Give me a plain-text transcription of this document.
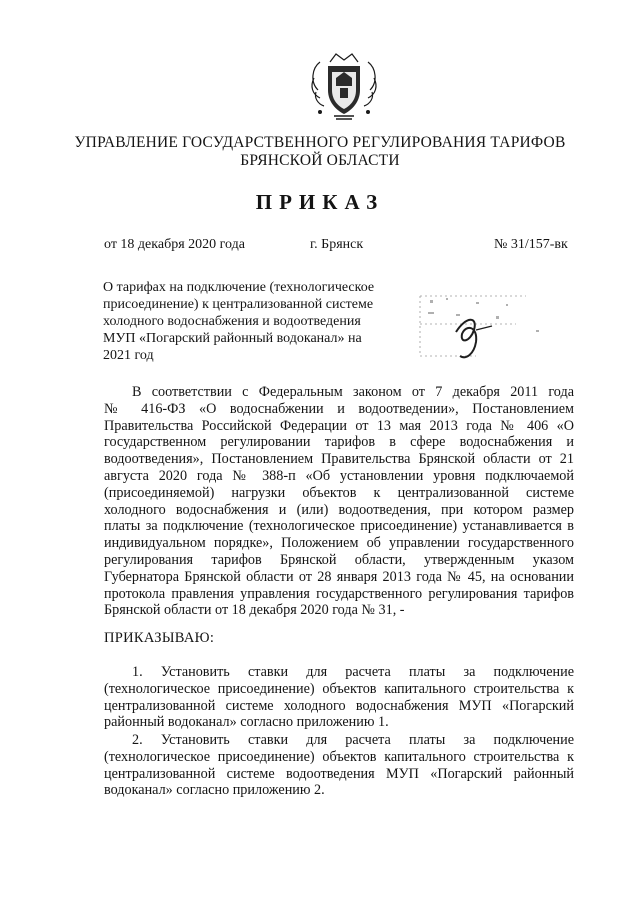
УПРАВЛЕНИЕ ГОСУДАРСТВЕННОГО РЕГУЛИРОВАНИЯ ТАРИФОВ
БРЯНСКОЙ ОБЛАСТИ
ПРИКАЗ
от 18 декабря 2020 года	г. Брянск	№ 31/157-вк
О тарифах на подключение (технологическое
присоединение) к централизованной системе
холодного водоснабжения и водоотведения
МУП «Погарский районный водоканал» на
2021 год
В соответствии с Федеральным законом от 7 декабря 2011 года
№ 416-ФЗ «О водоснабжении и водоотведении», Постановлением
Правительства Российской Федерации от 13 мая 2013 года № 406 «О
государственном регулировании тарифов в сфере водоснабжения и
водоотведения», Постановлением Правительства Брянской области от 21
августа 2020 года № 388-п «Об установлении уровня подключаемой
(присоединяемой) нагрузки объектов к централизованной системе
холодного водоснабжения и (или) водоотведения, при котором размер
платы за подключение (технологическое присоединение) устанавливается в
индивидуальном порядке», Положением об управлении государственного
регулирования тарифов Брянской области, утвержденным указом
Губернатора Брянской области от 28 января 2013 года № 45, на основании
протокола правления управления государственного регулирования тарифов
Брянской области от 18 декабря 2020 года № 31, -
ПРИКАЗЫВАЮ:
1. Установить ставки для расчета платы за подключение
(технологическое присоединение) объектов капитального строительства к
централизованной системе холодного водоснабжения МУП «Погарский
районный водоканал» согласно приложению 1.
2. Установить ставки для расчета платы за подключение
(технологическое присоединение) объектов капитального строительства к
централизованной системе водоотведения МУП «Погарский районный
водоканал» согласно приложению 2.
